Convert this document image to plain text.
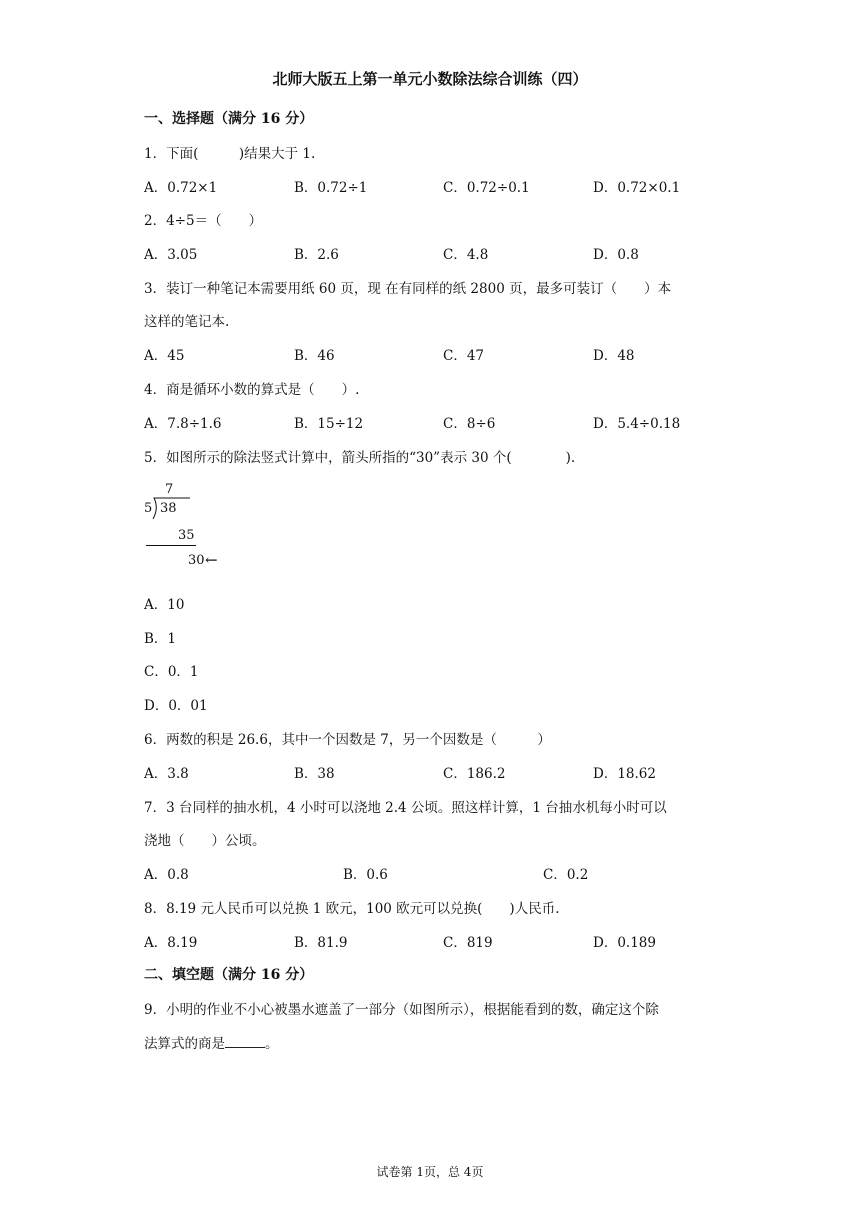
北师大版五上第一单元小数除法综合训练（四）
一、选择题（满分 16 分）
1．下面(　　　)结果大于 1.
A．0.72×1	B．0.72÷1	C．0.72÷0.1	D．0.72×0.1
2．4÷5＝（　　）
A．3.05	B．2.6	C．4.8	D．0.8
3．装订一种笔记本需要用纸 60 页，现 在有同样的纸 2800 页，最多可装订（　　）本
这样的笔记本.
A．45	B．46	C．47	D．48
4．商是循环小数的算式是（　　）.
A．7.8÷1.6	B．15÷12	C．8÷6	D．5.4÷0.18
5．如图所示的除法竖式计算中，箭头所指的“30”表示 30 个(　　　　).
7
5 38
35
30 ←
A．10
B．1
C．0．1
D．0．01
6．两数的积是 26.6，其中一个因数是 7，另一个因数是（　　　）
A．3.8	B．38	C．186.2	D．18.62
7．3 台同样的抽水机，4 小时可以浇地 2.4 公顷。照这样计算，1 台抽水机每小时可以
浇地（　　）公顷。
A．0.8	B．0.6	C．0.2
8．8.19 元人民币可以兑换 1 欧元，100 欧元可以兑换(　　)人民币.
A．8.19	B．81.9	C．819	D．0.189
二、填空题（满分 16 分）
9．小明的作业不小心被墨水遮盖了一部分（如图所示），根据能看到的数，确定这个除
法算式的商是	。
试卷第 1页，总 4页
